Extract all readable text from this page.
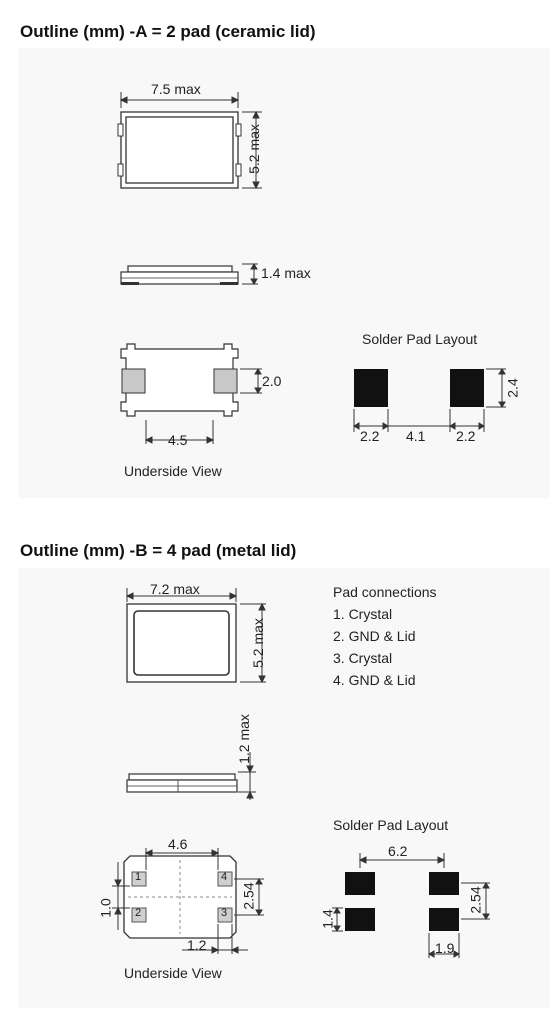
Outline (mm) -A = 2 pad (ceramic lid)
Outline (mm) -B = 4 pad (metal lid)
7.5 max
5.2 max
1.4 max
2.0
4.5
Underside View
Solder Pad Layout
2.2 4.1 2.2
2.4
7.2 max
5.2 max
1.2 max
4.6
2.54
1.0
1.2
Underside View
1
2	3
4
Pad connections
1. Crystal
2. GND & Lid
3. Crystal
4. GND & Lid
Solder Pad Layout
6.2
2.54
1.4
1.9
